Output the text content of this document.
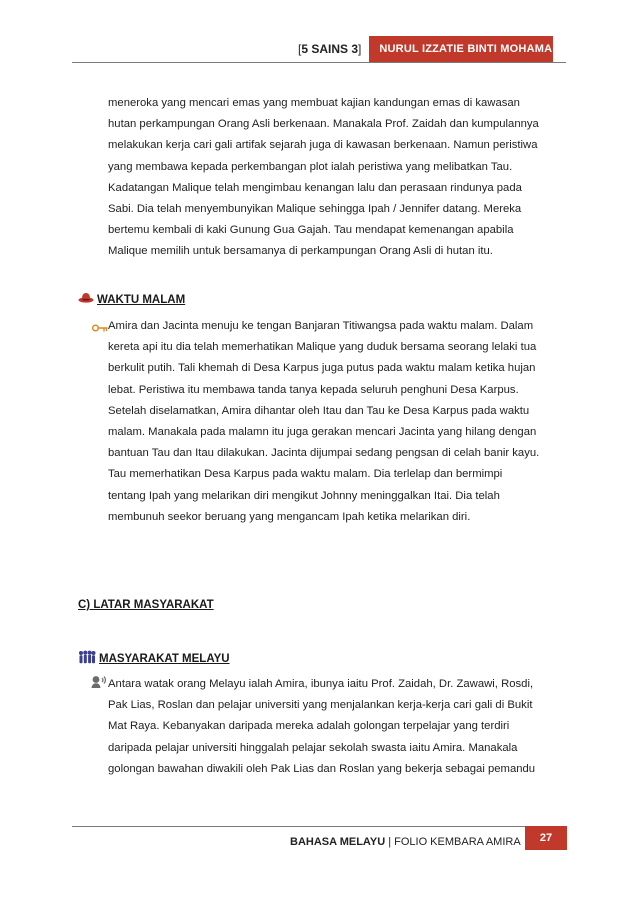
[5 SAINS 3]	NURUL IZZATIE BINTI MOHAMAD
meneroka yang mencari emas yang membuat kajian kandungan emas di kawasan
hutan perkampungan Orang Asli berkenaan. Manakala Prof. Zaidah dan kumpulannya
melakukan kerja cari gali artifak sejarah juga di kawasan berkenaan. Namun peristiwa
yang membawa kepada perkembangan plot ialah peristiwa yang melibatkan Tau.
Kadatangan Malique telah mengimbau kenangan lalu dan perasaan rindunya pada
Sabi. Dia telah menyembunyikan Malique sehingga Ipah / Jennifer datang. Mereka
bertemu kembali di kaki Gunung Gua Gajah. Tau mendapat kemenangan apabila
Malique memilih untuk bersamanya di perkampungan Orang Asli di hutan itu.
WAKTU MALAM
Amira dan Jacinta menuju ke tengan Banjaran Titiwangsa pada waktu malam. Dalam
kereta api itu dia telah memerhatikan Malique yang duduk bersama seorang lelaki tua
berkulit putih. Tali khemah di Desa Karpus juga putus pada waktu malam ketika hujan
lebat. Peristiwa itu membawa tanda tanya kepada seluruh penghuni Desa Karpus.
Setelah diselamatkan, Amira dihantar oleh Itau dan Tau ke Desa Karpus pada waktu
malam. Manakala pada malamn itu juga gerakan mencari Jacinta yang hilang dengan
bantuan Tau dan Itau dilakukan. Jacinta dijumpai sedang pengsan di celah banir kayu.
Tau memerhatikan Desa Karpus pada waktu malam. Dia terlelap dan bermimpi
tentang Ipah yang melarikan diri mengikut Johnny meninggalkan Itai. Dia telah
membunuh seekor beruang yang mengancam Ipah ketika melarikan diri.
C) LATAR MASYARAKAT
MASYARAKAT MELAYU
Antara watak orang Melayu ialah Amira, ibunya iaitu Prof. Zaidah, Dr. Zawawi, Rosdi,
Pak Lias, Roslan dan pelajar universiti yang menjalankan kerja-kerja cari gali di Bukit
Mat Raya. Kebanyakan daripada mereka adalah golongan terpelajar yang terdiri
daripada pelajar universiti hinggalah pelajar sekolah swasta iaitu Amira. Manakala
golongan bawahan diwakili oleh Pak Lias dan Roslan yang bekerja sebagai pemandu
BAHASA MELAYU | FOLIO KEMBARA AMIRA	27
